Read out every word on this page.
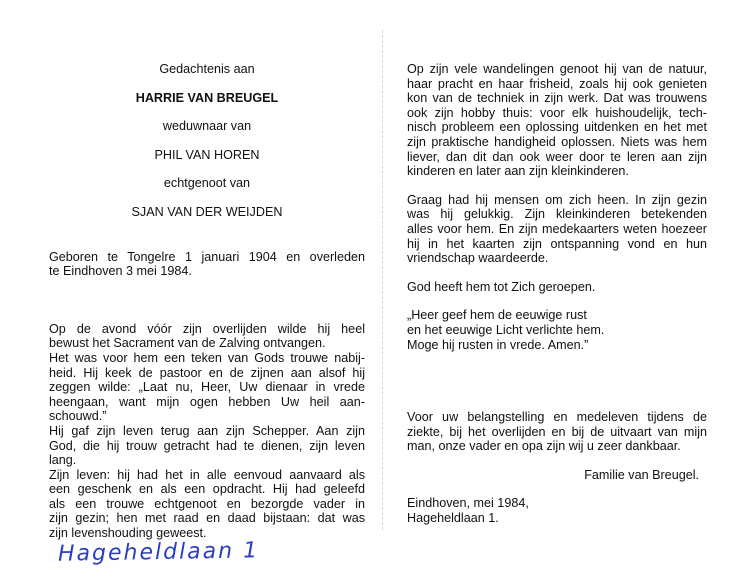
Gedachtenis aan
HARRIE VAN BREUGEL
weduwnaar van
PHIL VAN HOREN
echtgenoot van
SJAN VAN DER WEIJDEN
Geboren te Tongelre 1 januari 1904 en overleden
te Eindhoven 3 mei 1984.
Op de avond vóór zijn overlijden wilde hij heel
bewust het Sacrament van de Zalving ontvangen.
Het was voor hem een teken van Gods trouwe nabij-
heid. Hij keek de pastoor en de zijnen aan alsof hij
zeggen wilde: „Laat nu, Heer, Uw dienaar in vrede
heengaan, want mijn ogen hebben Uw heil aan-
schouwd.”
Hij gaf zijn leven terug aan zijn Schepper. Aan zijn
God, die hij trouw getracht had te dienen, zijn leven
lang.
Zijn leven: hij had het in alle eenvoud aanvaard als
een geschenk en als een opdracht. Hij had geleefd
als een trouwe echtgenoot en bezorgde vader in
zijn gezin; hen met raad en daad bijstaan: dat was
zijn levenshouding geweest.
Op zijn vele wandelingen genoot hij van de natuur,
haar pracht en haar frisheid, zoals hij ook genieten
kon van de techniek in zijn werk. Dat was trouwens
ook zijn hobby thuis: voor elk huishoudelijk, tech-
nisch probleem een oplossing uitdenken en het met
zijn praktische handigheid oplossen. Niets was hem
liever, dan dit dan ook weer door te leren aan zijn
kinderen en later aan zijn kleinkinderen.
Graag had hij mensen om zich heen. In zijn gezin
was hij gelukkig. Zijn kleinkinderen betekenden
alles voor hem. En zijn medekaarters weten hoezeer
hij in het kaarten zijn ontspanning vond en hun
vriendschap waardeerde.
God heeft hem tot Zich geroepen.
„Heer geef hem de eeuwige rust
en het eeuwige Licht verlichte hem.
Moge hij rusten in vrede. Amen.”
Voor uw belangstelling en medeleven tijdens de
ziekte, bij het overlijden en bij de uitvaart van mijn
man, onze vader en opa zijn wij u zeer dankbaar.
Familie van Breugel.
Eindhoven, mei 1984,
Hageheldlaan 1.
Hageheldlaan 1
